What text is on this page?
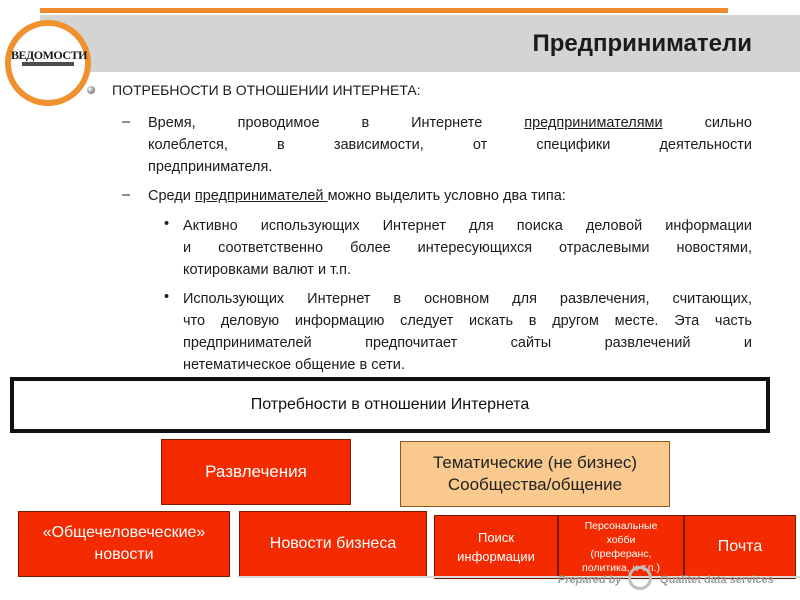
Предприниматели
ВЕДОМОСТИ
ПОТРЕБНОСТИ В ОТНОШЕНИИ ИНТЕРНЕТА:
– Время,	проводимое	в	Интернете	предпринимателями	сильно
колеблется, в зависимости, от специфики деятельности
предпринимателя.
– Среди предпринимателей можно выделить условно два типа:
• Активно использующих Интернет для поиска деловой информации
и соответственно более интересующихся отраслевыми новостями,
котировками валют и т.п.
• Использующих Интернет в основном для развлечения, считающих,
что деловую информацию следует искать в другом месте. Эта часть
предпринимателей предпочитает сайты развлечений и
нетематическое общение в сети.
Потребности в отношении Интернета
Развлечения	Тематические (не бизнес)
Сообщества/общение
«Общечеловеческие»
новости
Новости бизнеса	Поиск
информации
Персональные
хобби
(преферанс,
политика, и т.п.)
Почта
Prepared by	Qualitet data services
